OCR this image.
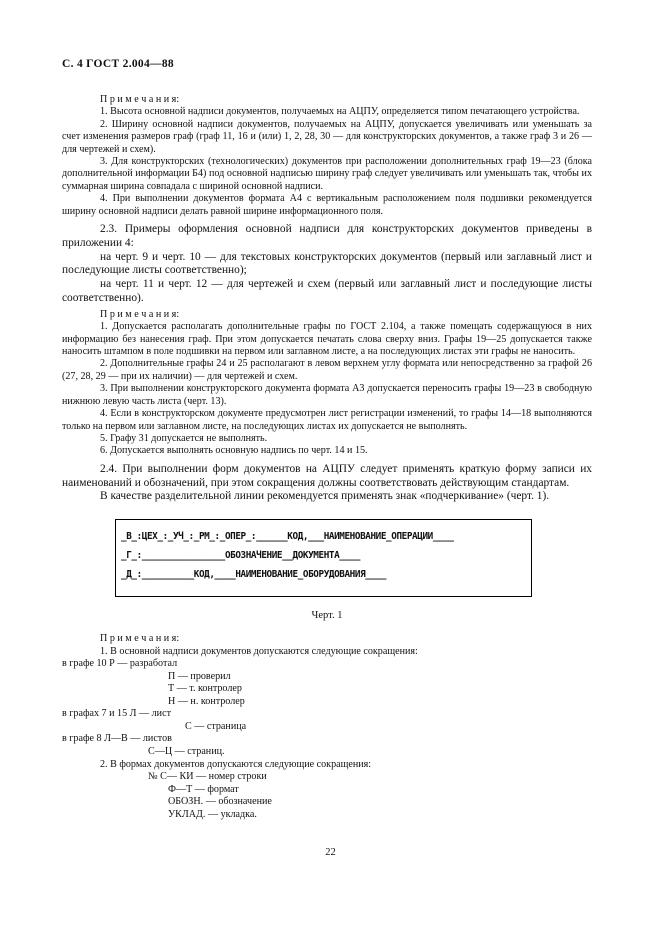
С. 4 ГОСТ 2.004—88

П р и м е ч а н и я:

1. Высота основной надписи документов, получаемых на АЦПУ, определяется типом печатающего устройства.

2. Ширину основной надписи документов, получаемых на АЦПУ, допускается увеличивать или уменьшать за счет изменения размеров граф (граф 11, 16 и (или) 1, 2, 28, 30 — для конструкторских документов, а также граф 3 и 26 — для чертежей и схем).

3. Для конструкторских (технологических) документов при расположении дополнительных граф 19—23 (блока дополнительной информации Б4) под основной надписью ширину граф следует увеличивать или уменьшать так, чтобы их суммарная ширина совпадала с шириной основной надписи.

4. При выполнении документов формата А4 с вертикальным расположением поля подшивки рекомендуется ширину основной надписи делать равной ширине информационного поля.

2.3. Примеры оформления основной надписи для конструкторских документов приведены в приложении 4:

на черт. 9 и черт. 10 — для текстовых конструкторских документов (первый или заглавный лист и последующие листы соответственно);

на черт. 11 и черт. 12 — для чертежей и схем (первый или заглавный лист и последующие листы соответственно).

П р и м е ч а н и я:

1. Допускается располагать дополнительные графы по ГОСТ 2.104, а также помещать содержащуюся в них информацию без нанесения граф. При этом допускается печатать слова сверху вниз. Графы 19—25 допускается также наносить штампом в поле подшивки на первом или заглавном листе, а на последующих листах эти графы не наносить.

2. Дополнительные графы 24 и 25 располагают в левом верхнем углу формата или непосредственно за графой 26 (27, 28, 29 — при их наличии) — для чертежей и схем.

3. При выполнении конструкторского документа формата А3 допускается переносить графы 19—23 в свободную нижнюю левую часть листа (черт. 13).

4. Если в конструкторском документе предусмотрен лист регистрации изменений, то графы 14—18 выполняются только на первом или заглавном листе, на последующих листах их допускается не выполнять.

5. Графу 31 допускается не выполнять.

6. Допускается выполнять основную надпись по черт. 14 и 15.

2.4. При выполнении форм документов на АЦПУ следует применять краткую форму записи их наименований и обозначений, при этом сокращения должны соответствовать действующим стандартам.

В качестве разделительной линии рекомендуется применять знак «подчеркивание» (черт. 1).

_В_:ЦЕХ_:_УЧ_:_РМ_:_ОПЕР_:______КОД,___НАИМЕНОВАНИЕ_ОПЕРАЦИИ____
_Г_:________________ОБОЗНАЧЕНИЕ__ДОКУМЕНТА____
_Д_:__________КОД,____НАИМЕНОВАНИЕ_ОБОРУДОВАНИЯ____

Черт. 1

П р и м е ч а н и я:

1. В основной надписи документов допускаются следующие сокращения:

в графе 10 Р — разработал

П — проверил

Т — т. контролер

Н — н. контролер

в графах 7 и 15 Л — лист

С — страница

в графе 8 Л—В — листов

С—Ц — страниц.

2. В формах документов допускаются следующие сокращения:

№ С— КИ — номер строки

Ф—Т — формат

ОБОЗН. — обозначение

УКЛАД. — укладка.

22
